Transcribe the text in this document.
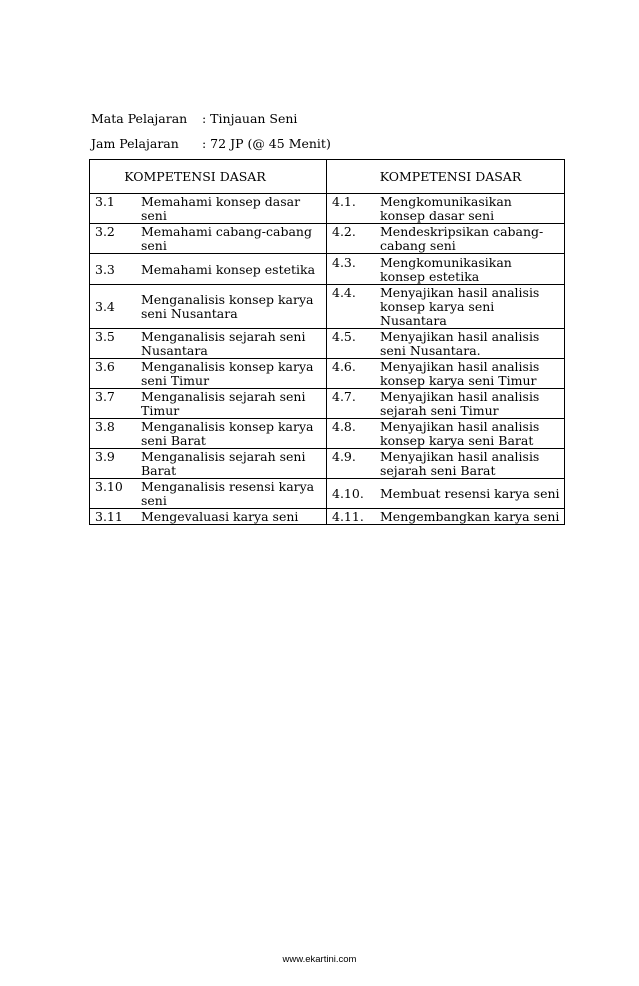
Mata Pelajaran	: Tinjauan Seni
Jam Pelajaran	: 72 JP (@ 45 Menit)
KOMPETENSI DASAR	KOMPETENSI DASAR

3.1 Memahami konsep dasar seni	4.1. Mengkomunikasikan konsep dasar seni

3.2 Memahami cabang-cabang seni	4.2. Mendeskripsikan cabang-cabang seni

3.3 Memahami konsep estetika	4.3. Mengkomunikasikan konsep estetika

3.4 Menganalisis konsep karya seni Nusantara	4.4. Menyajikan hasil analisis konsep karya seni Nusantara

3.5 Menganalisis sejarah seni Nusantara	4.5. Menyajikan hasil analisis seni Nusantara.

3.6 Menganalisis konsep karya seni Timur	4.6. Menyajikan hasil analisis konsep karya seni Timur

3.7 Menganalisis sejarah seni Timur	4.7. Menyajikan hasil analisis sejarah seni Timur

3.8 Menganalisis konsep karya seni Barat	4.8. Menyajikan hasil analisis konsep karya seni Barat

3.9 Menganalisis sejarah seni Barat	4.9. Menyajikan hasil analisis sejarah seni Barat

3.10 Menganalisis resensi karya seni	4.10. Membuat resensi karya seni

3.11 Mengevaluasi karya seni	4.11. Mengembangkan karya seni
www.ekartini.com
